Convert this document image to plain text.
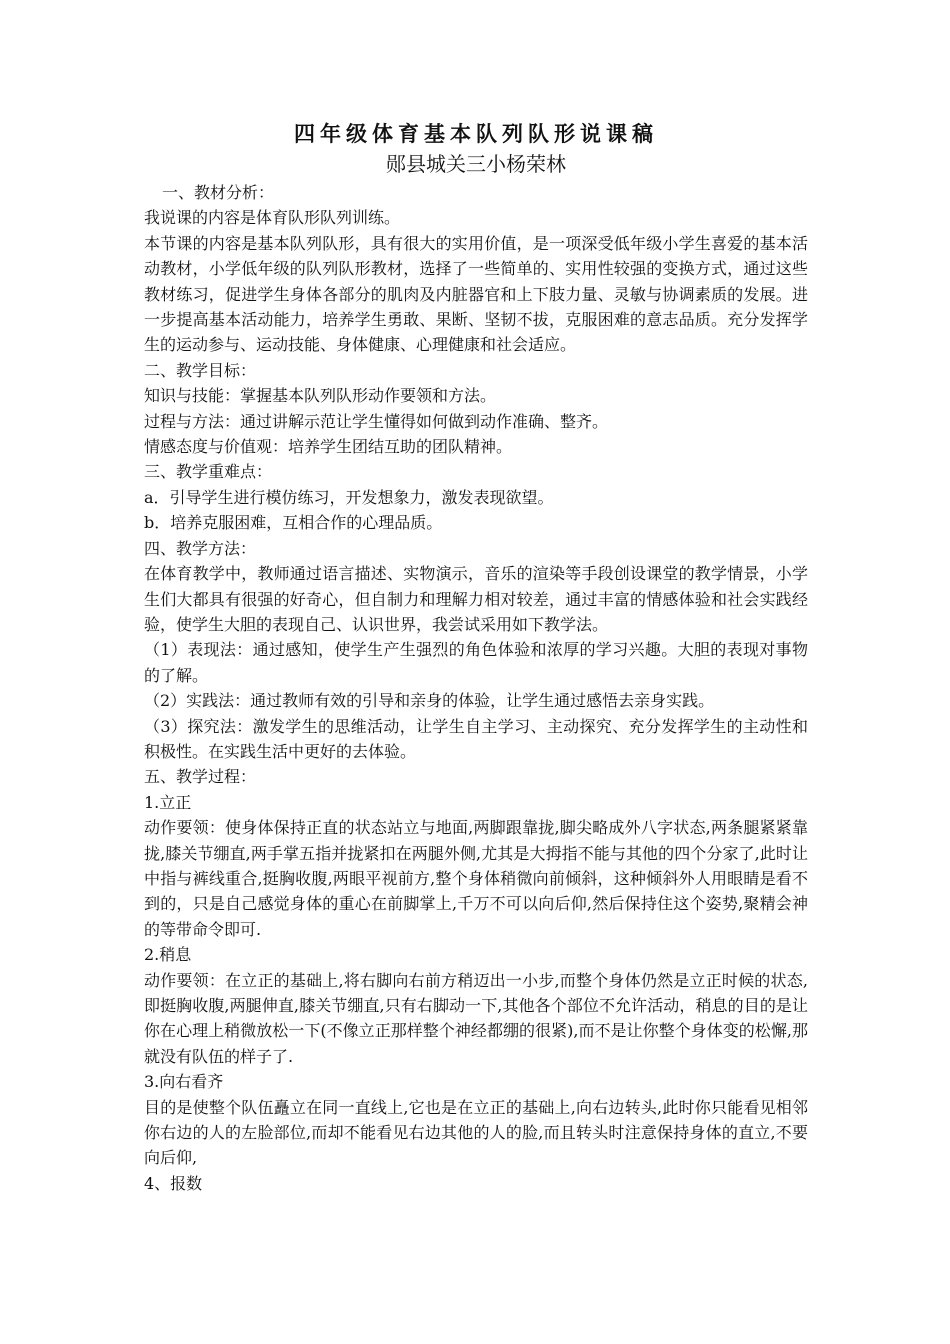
四年级体育基本队列队形说课稿
郧县城关三小杨荣林

一、教材分析：

我说课的内容是体育队形队列训练。

本节课的内容是基本队列队形，具有很大的实用价值，是一项深受低年级小学生喜爱的基本活动教材，小学低年级的队列队形教材，选择了一些简单的、实用性较强的变换方式，通过这些教材练习，促进学生身体各部分的肌肉及内脏器官和上下肢力量、灵敏与协调素质的发展。进一步提高基本活动能力，培养学生勇敢、果断、坚韧不拔，克服困难的意志品质。充分发挥学生的运动参与、运动技能、身体健康、心理健康和社会适应。

二、教学目标：

知识与技能：掌握基本队列队形动作要领和方法。

过程与方法：通过讲解示范让学生懂得如何做到动作准确、整齐。

情感态度与价值观：培养学生团结互助的团队精神。

三、教学重难点：

a．引导学生进行模仿练习，开发想象力，激发表现欲望。

b．培养克服困难，互相合作的心理品质。

四、教学方法：

在体育教学中，教师通过语言描述、实物演示，音乐的渲染等手段创设课堂的教学情景，小学生们大都具有很强的好奇心，但自制力和理解力相对较差，通过丰富的情感体验和社会实践经验，使学生大胆的表现自己、认识世界，我尝试采用如下教学法。

（1）表现法：通过感知，使学生产生强烈的角色体验和浓厚的学习兴趣。大胆的表现对事物的了解。

（2）实践法：通过教师有效的引导和亲身的体验，让学生通过感悟去亲身实践。

（3）探究法：激发学生的思维活动，让学生自主学习、主动探究、充分发挥学生的主动性和积极性。在实践生活中更好的去体验。

五、教学过程：

1.立正

动作要领：使身体保持正直的状态站立与地面,两脚跟靠拢,脚尖略成外八字状态,两条腿紧紧靠拢,膝关节绷直,两手掌五指并拢紧扣在两腿外侧,尤其是大拇指不能与其他的四个分家了,此时让中指与裤线重合,挺胸收腹,两眼平视前方,整个身体稍微向前倾斜，这种倾斜外人用眼睛是看不到的，只是自己感觉身体的重心在前脚掌上,千万不可以向后仰,然后保持住这个姿势,聚精会神的等带命令即可.

2.稍息

动作要领：在立正的基础上,将右脚向右前方稍迈出一小步,而整个身体仍然是立正时候的状态,即挺胸收腹,两腿伸直,膝关节绷直,只有右脚动一下,其他各个部位不允许活动，稍息的目的是让你在心理上稍微放松一下(不像立正那样整个神经都绷的很紧),而不是让你整个身体变的松懈,那就没有队伍的样子了.

3.向右看齐

目的是使整个队伍矗立在同一直线上,它也是在立正的基础上,向右边转头,此时你只能看见相邻你右边的人的左脸部位,而却不能看见右边其他的人的脸,而且转头时注意保持身体的直立,不要向后仰,

4、报数
